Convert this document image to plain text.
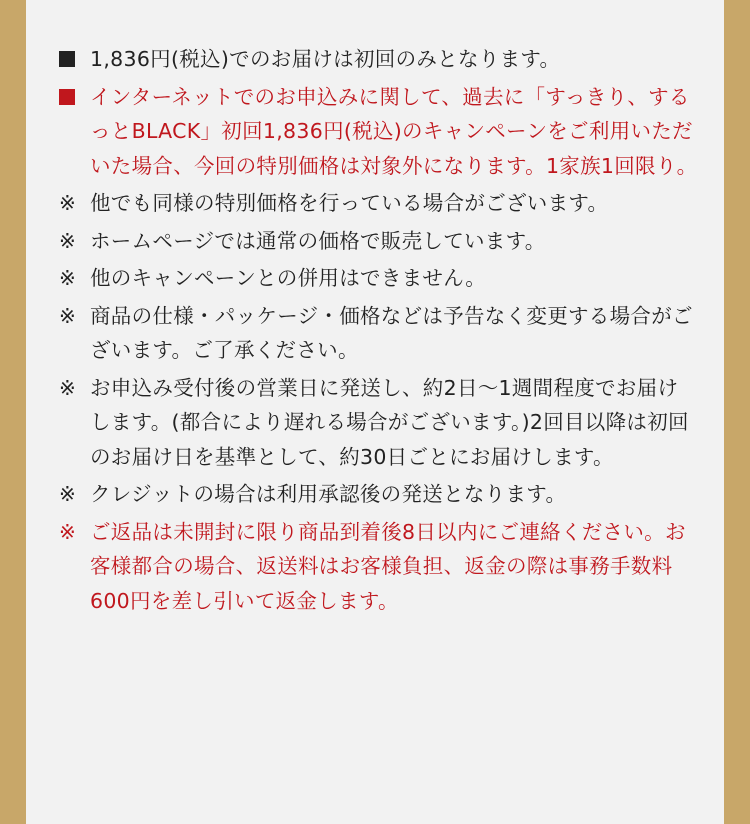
1,836円(税込)でのお届けは初回のみとなります。
インターネットでのお申込みに関して、過去に「すっきり、するっとBLACK」初回1,836円(税込)のキャンペーンをご利用いただいた場合、今回の特別価格は対象外になります。1家族1回限り。
※ 他でも同様の特別価格を行っている場合がございます。
※ ホームページでは通常の価格で販売しています。
※ 他のキャンペーンとの併用はできません。
※ 商品の仕様・パッケージ・価格などは予告なく変更する場合がございます。ご了承ください。
※ お申込み受付後の営業日に発送し、約2日〜1週間程度でお届けします。(都合により遅れる場合がございます。)2回目以降は初回のお届け日を基準として、約30日ごとにお届けします。
※ クレジットの場合は利用承認後の発送となります。
※ ご返品は未開封に限り商品到着後8日以内にご連絡ください。お客様都合の場合、返送料はお客様負担、返金の際は事務手数料600円を差し引いて返金します。
